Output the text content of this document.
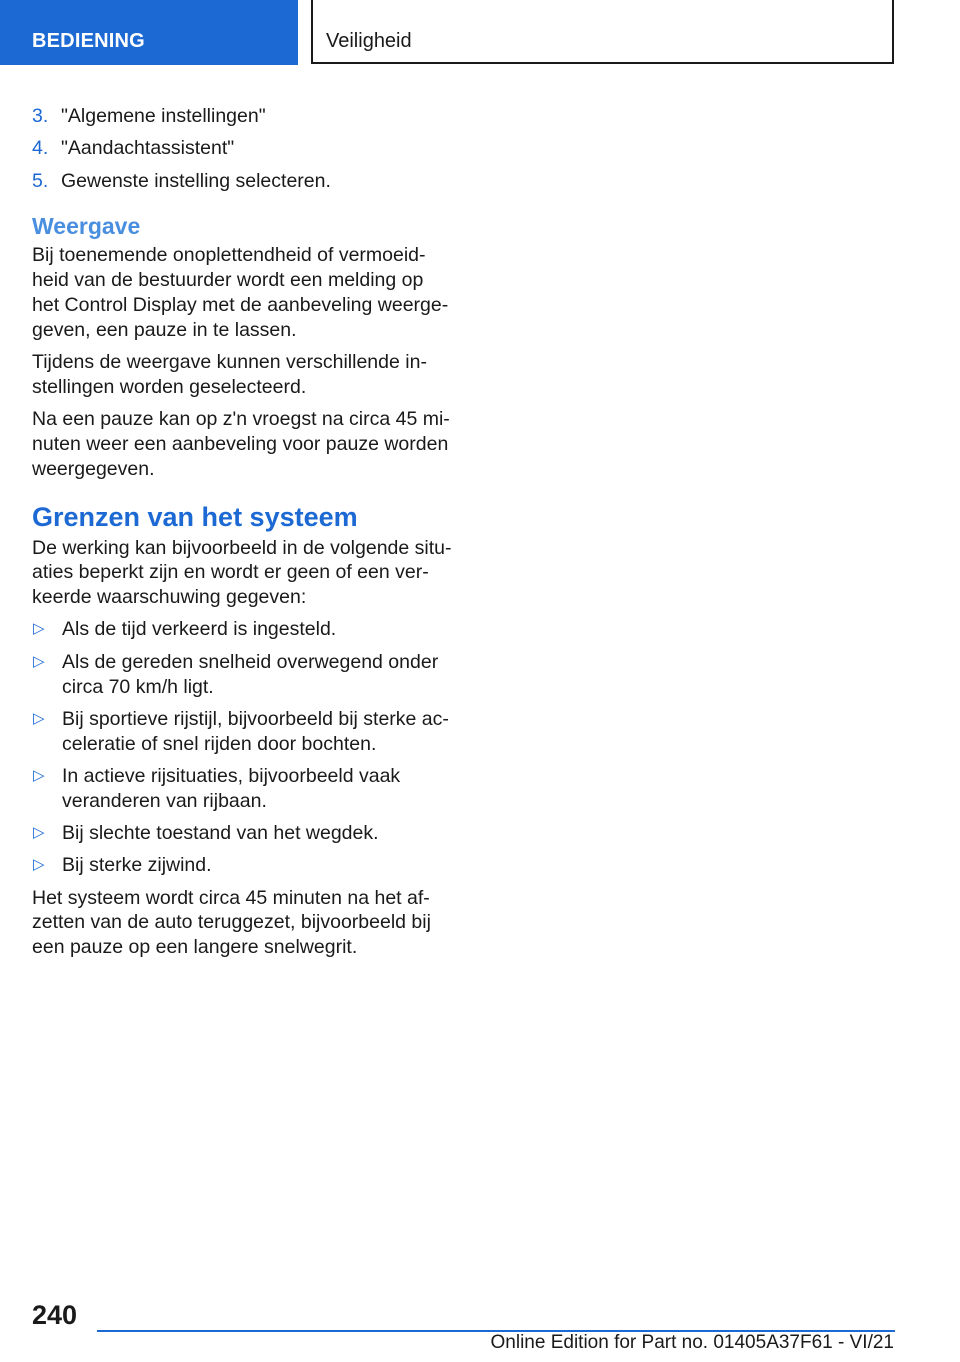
BEDIENING	Veiligheid
3. "Algemene instellingen"
4. "Aandachtassistent"
5. Gewenste instelling selecteren.
Weergave

Bij toenemende onoplettendheid of vermoeidheid van de bestuurder wordt een melding op het Control Display met de aanbeveling weergegeven, een pauze in te lassen.

Tijdens de weergave kunnen verschillende instellingen worden geselecteerd.

Na een pauze kan op z'n vroegst na circa 45 minuten weer een aanbeveling voor pauze worden weergegeven.

Grenzen van het systeem

De werking kan bijvoorbeeld in de volgende situaties beperkt zijn en wordt er geen of een verkeerde waarschuwing gegeven:

▷ Als de tijd verkeerd is ingesteld.
▷ Als de gereden snelheid overwegend onder circa 70 km/h ligt.
▷ Bij sportieve rijstijl, bijvoorbeeld bij sterke acceleratie of snel rijden door bochten.
▷ In actieve rijsituaties, bijvoorbeeld vaak veranderen van rijbaan.
▷ Bij slechte toestand van het wegdek.
▷ Bij sterke zijwind.

Het systeem wordt circa 45 minuten na het afzetten van de auto teruggezet, bijvoorbeeld bij een pauze op een langere snelwegrit.

240
Online Edition for Part no. 01405A37F61 - VI/21
